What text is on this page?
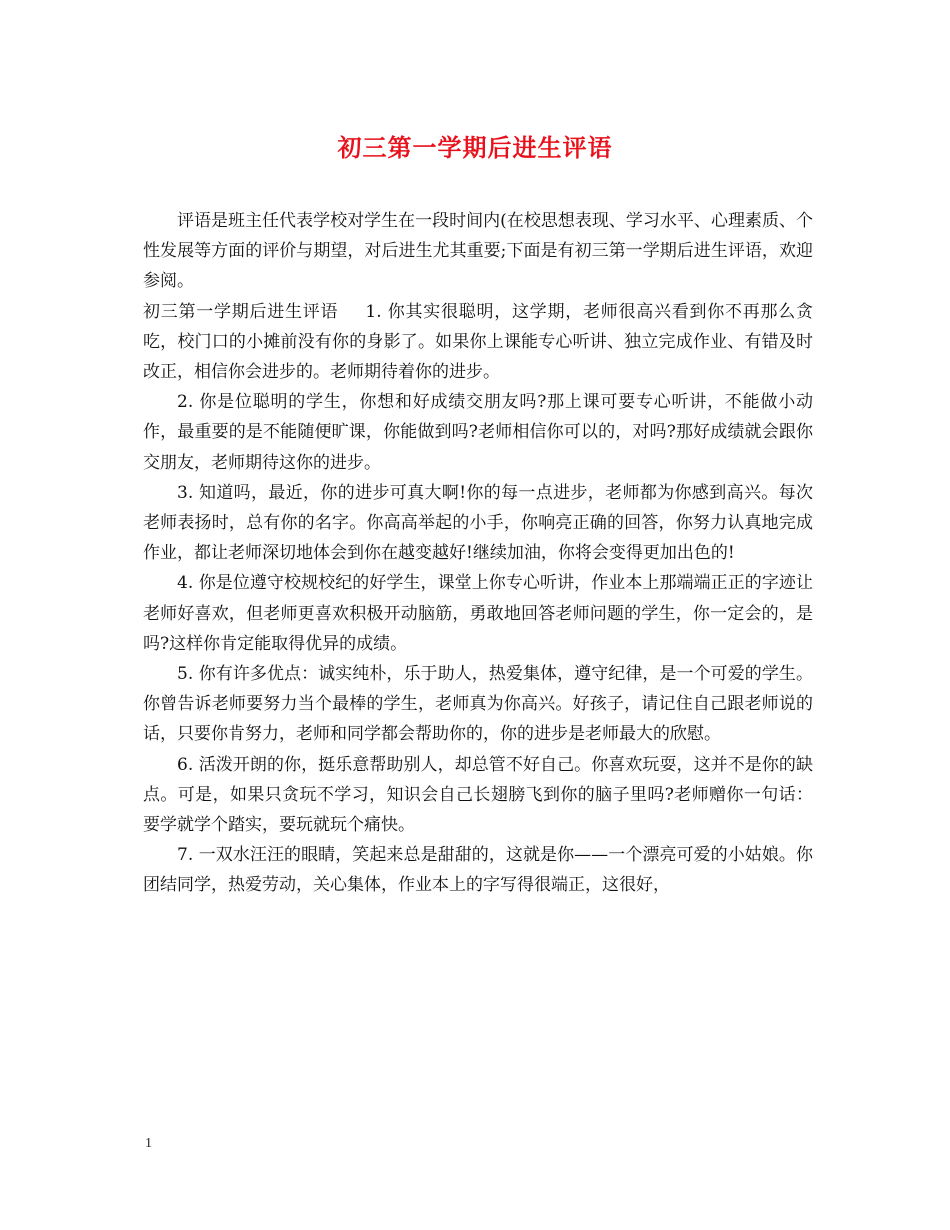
初三第一学期后进生评语

评语是班主任代表学校对学生在一段时间内(在校思想表现、学习水平、心理素质、个性发展等方面的评价与期望，对后进生尤其重要;下面是有初三第一学期后进生评语，欢迎参阅。

初三第一学期后进生评语 1. 你其实很聪明，这学期，老师很高兴看到你不再那么贪吃，校门口的小摊前没有你的身影了。如果你上课能专心听讲、独立完成作业、有错及时改正，相信你会进步的。老师期待着你的进步。

2. 你是位聪明的学生，你想和好成绩交朋友吗?那上课可要专心听讲，不能做小动作，最重要的是不能随便旷课，你能做到吗?老师相信你可以的，对吗?那好成绩就会跟你交朋友，老师期待这你的进步。

3. 知道吗，最近，你的进步可真大啊!你的每一点进步，老师都为你感到高兴。每次老师表扬时，总有你的名字。你高高举起的小手，你响亮正确的回答，你努力认真地完成作业，都让老师深切地体会到你在越变越好!继续加油，你将会变得更加出色的!

4. 你是位遵守校规校纪的好学生，课堂上你专心听讲，作业本上那端端正正的字迹让老师好喜欢，但老师更喜欢积极开动脑筋，勇敢地回答老师问题的学生，你一定会的，是吗?这样你肯定能取得优异的成绩。

5. 你有许多优点：诚实纯朴，乐于助人，热爱集体，遵守纪律，是一个可爱的学生。你曾告诉老师要努力当个最棒的学生，老师真为你高兴。好孩子，请记住自己跟老师说的话，只要你肯努力，老师和同学都会帮助你的，你的进步是老师最大的欣慰。

6. 活泼开朗的你，挺乐意帮助别人，却总管不好自己。你喜欢玩耍，这并不是你的缺点。可是，如果只贪玩不学习，知识会自己长翅膀飞到你的脑子里吗?老师赠你一句话：要学就学个踏实，要玩就玩个痛快。

7. 一双水汪汪的眼睛，笑起来总是甜甜的，这就是你——一个漂亮可爱的小姑娘。你团结同学，热爱劳动，关心集体，作业本上的字写得很端正，这很好，

1
